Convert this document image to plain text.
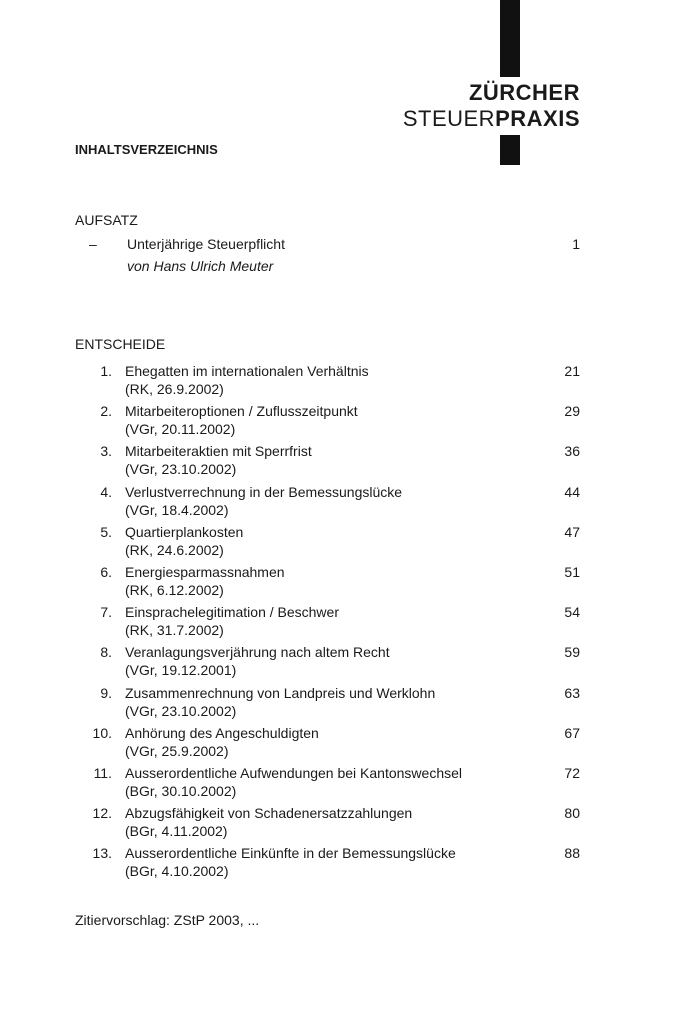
ZÜRCHER
STEUERPRAXIS
INHALTSVERZEICHNIS
AUFSATZ
– Unterjährige Steuerpflicht	1
von Hans Ulrich Meuter
ENTSCHEIDE
1. Ehegatten im internationalen Verhältnis
(RK, 26.9.2002)
21
2. Mitarbeiteroptionen / Zuflusszeitpunkt
(VGr, 20.11.2002)
29
3. Mitarbeiteraktien mit Sperrfrist
(VGr, 23.10.2002)
36
4. Verlustverrechnung in der Bemessungslücke
(VGr, 18.4.2002)
44
5. Quartierplankosten
(RK, 24.6.2002)
47
6. Energiesparmassnahmen
(RK, 6.12.2002)
51
7. Einsprachelegitimation / Beschwer
(RK, 31.7.2002)
54
8. Veranlagungsverjährung nach altem Recht
(VGr, 19.12.2001)
59
9. Zusammenrechnung von Landpreis und Werklohn
(VGr, 23.10.2002)
63
10. Anhörung des Angeschuldigten
(VGr, 25.9.2002)
67
11. Ausserordentliche Aufwendungen bei Kantonswechsel
(BGr, 30.10.2002)
72
12. Abzugsfähigkeit von Schadenersatzzahlungen
(BGr, 4.11.2002)
80
13. Ausserordentliche Einkünfte in der Bemessungslücke
(BGr, 4.10.2002)
88
Zitiervorschlag: ZStP 2003, ...
